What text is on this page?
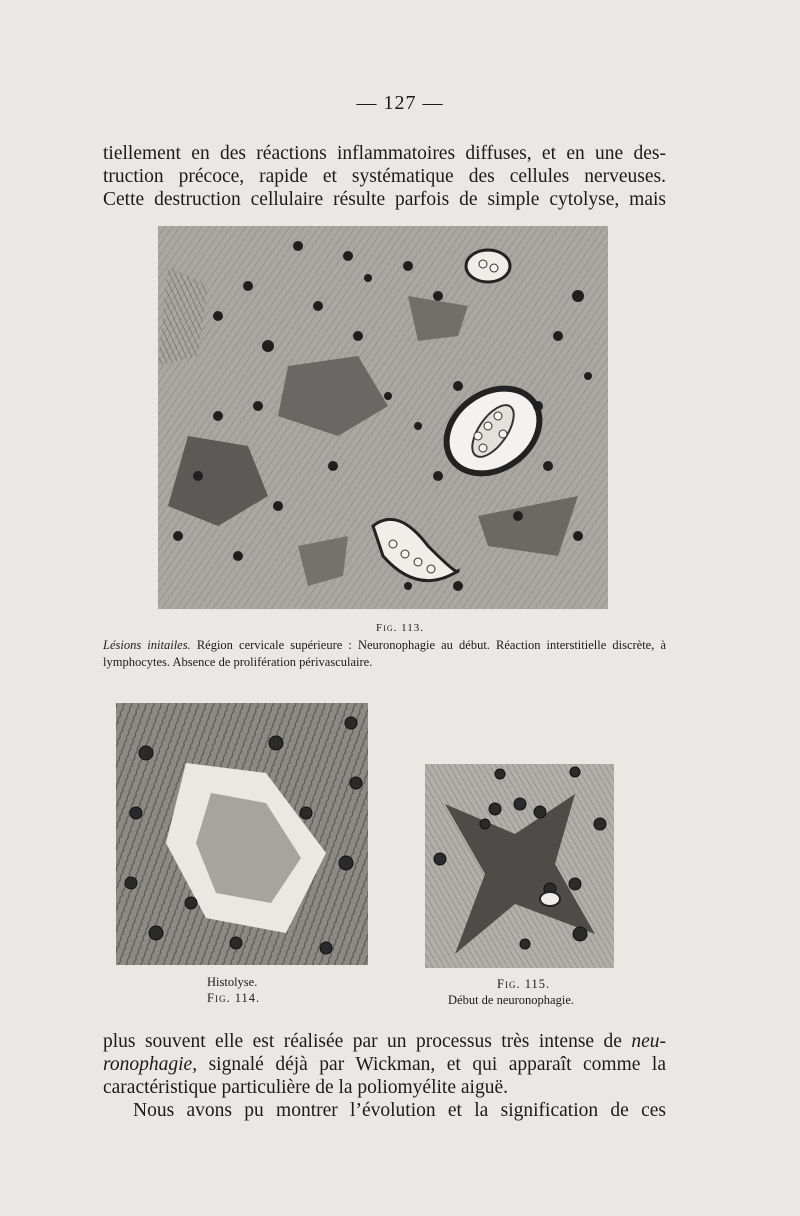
— 127 —

tiellement en des réactions inflammatoires diffuses, et en une des-

truction précoce, rapide et systématique des cellules nerveuses.

Cette destruction cellulaire résulte parfois de simple cytolyse, mais

Fig. 113.

Lésions initailes. Région cervicale supérieure : Neuronophagie au début. Réaction interstitielle discrète, à lymphocytes. Absence de prolifération périvasculaire.

Histolyse.
Fig. 114.
Fig. 115.
Début de neuronophagie.

plus souvent elle est réalisée par un processus très intense de neu-

ronophagie, signalé déjà par Wickman, et qui apparaît comme la

caractéristique particulière de la poliomyélite aiguë.

Nous avons pu montrer l’évolution et la signification de ces
